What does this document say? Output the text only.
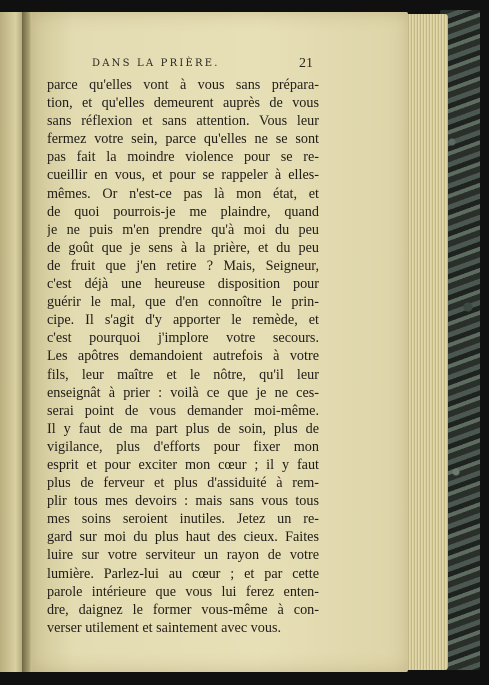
DANS LA PRIÈRE.	21
parce qu'elles vont à vous sans prépara-
tion, et qu'elles demeurent auprès de vous
sans réflexion et sans attention. Vous leur
fermez votre sein, parce qu'elles ne se sont
pas fait la moindre violence pour se re-
cueillir en vous, et pour se rappeler à elles-
mêmes. Or n'est-ce pas là mon état, et
de quoi pourrois-je me plaindre, quand
je ne puis m'en prendre qu'à moi du peu
de goût que je sens à la prière, et du peu
de fruit que j'en retire ? Mais, Seigneur,
c'est déjà une heureuse disposition pour
guérir le mal, que d'en connoître le prin-
cipe. Il s'agit d'y apporter le remède, et
c'est pourquoi j'implore votre secours.
Les apôtres demandoient autrefois à votre
fils, leur maître et le nôtre, qu'il leur
enseignât à prier : voilà ce que je ne ces-
serai point de vous demander moi-même.
Il y faut de ma part plus de soin, plus de
vigilance, plus d'efforts pour fixer mon
esprit et pour exciter mon cœur ; il y faut
plus de ferveur et plus d'assiduité à rem-
plir tous mes devoirs : mais sans vous tous
mes soins seroient inutiles. Jetez un re-
gard sur moi du plus haut des cieux. Faites
luire sur votre serviteur un rayon de votre
lumière. Parlez-lui au cœur ; et par cette
parole intérieure que vous lui ferez enten-
dre, daignez le former vous-même à con-
verser utilement et saintement avec vous.
